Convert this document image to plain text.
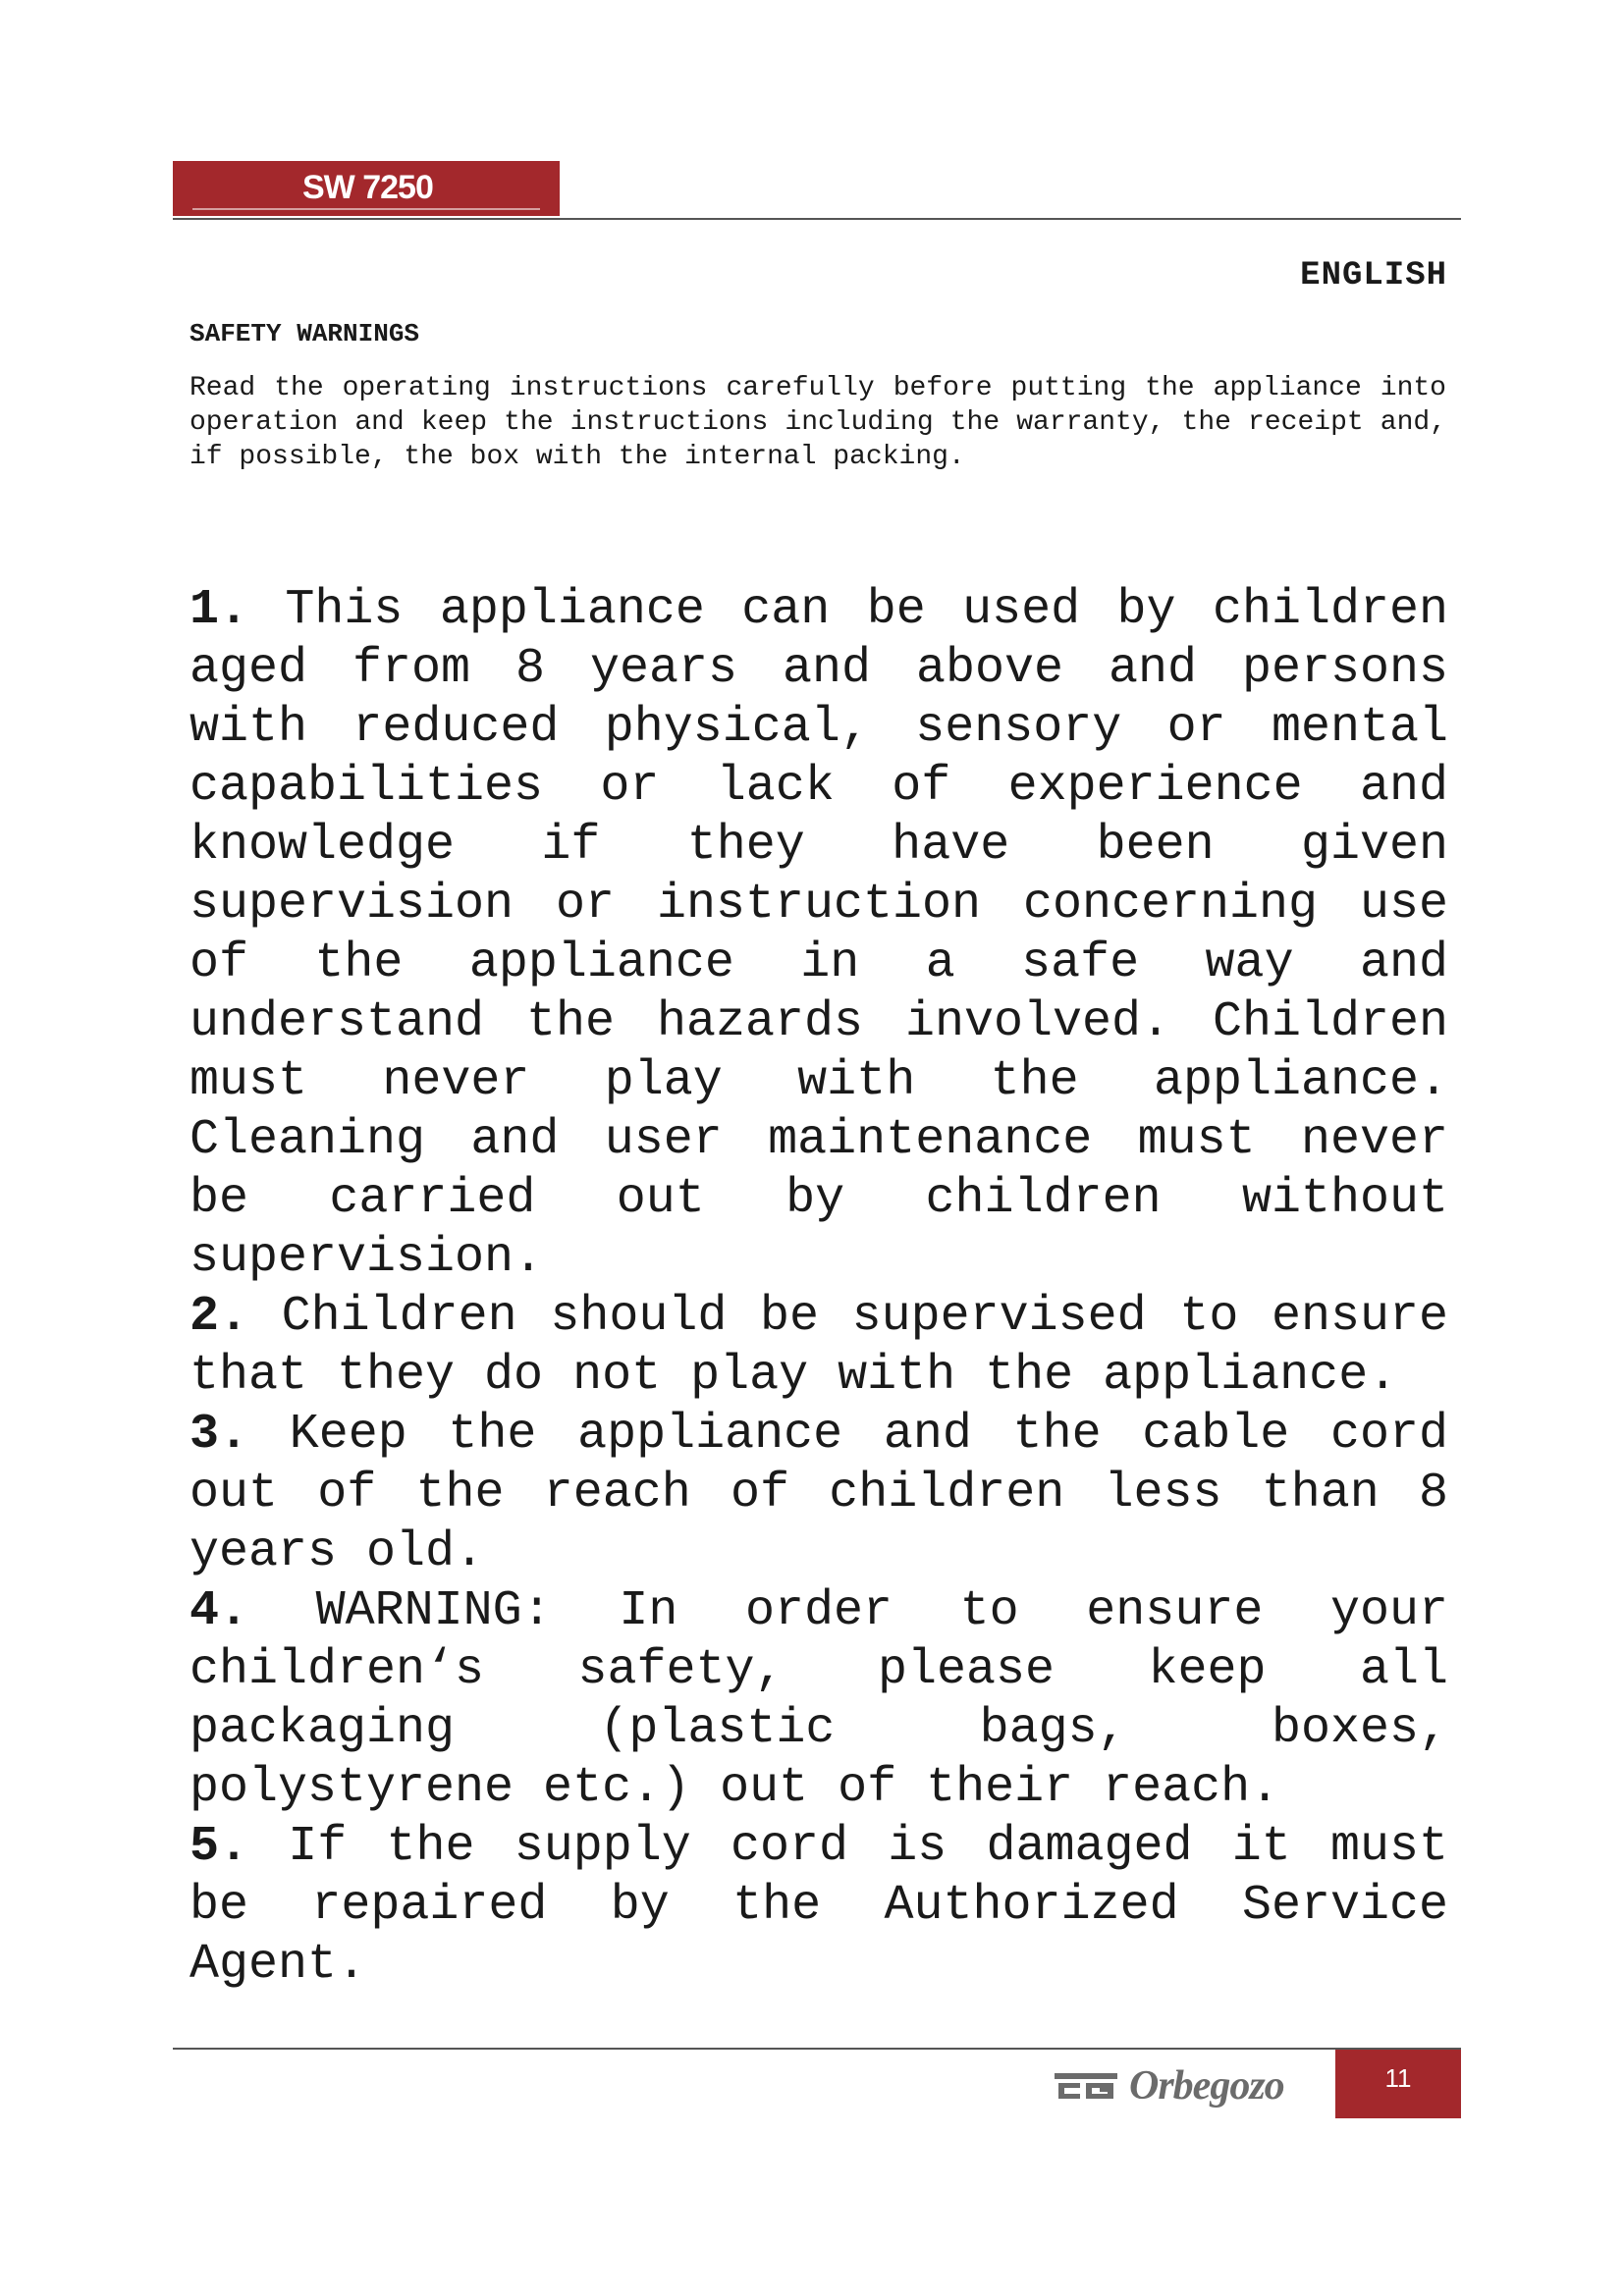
SW 7250
ENGLISH
SAFETY WARNINGS
Read the operating instructions carefully before putting the appliance into operation and keep the instructions including the warranty, the receipt and, if possible, the box with the internal packing.

1. This appliance can be used by children aged from 8 years and above and persons with reduced physical, sensory or mental capabilities or lack of experience and knowledge if they have been given supervision or instruction concerning use of the appliance in a safe way and understand the hazards involved. Children must never play with the appliance. Cleaning and user maintenance must never be carried out by children without supervision.

2. Children should be supervised to ensure that they do not play with the appliance.

3. Keep the appliance and the cable cord out of the reach of children less than 8 years old.

4. WARNING: In order to ensure your children‘s safety, please keep all packaging (plastic bags, boxes, polystyrene etc.) out of their reach.

5. If the supply cord is damaged it must be repaired by the Authorized Service Agent.

Orbegozo	11
